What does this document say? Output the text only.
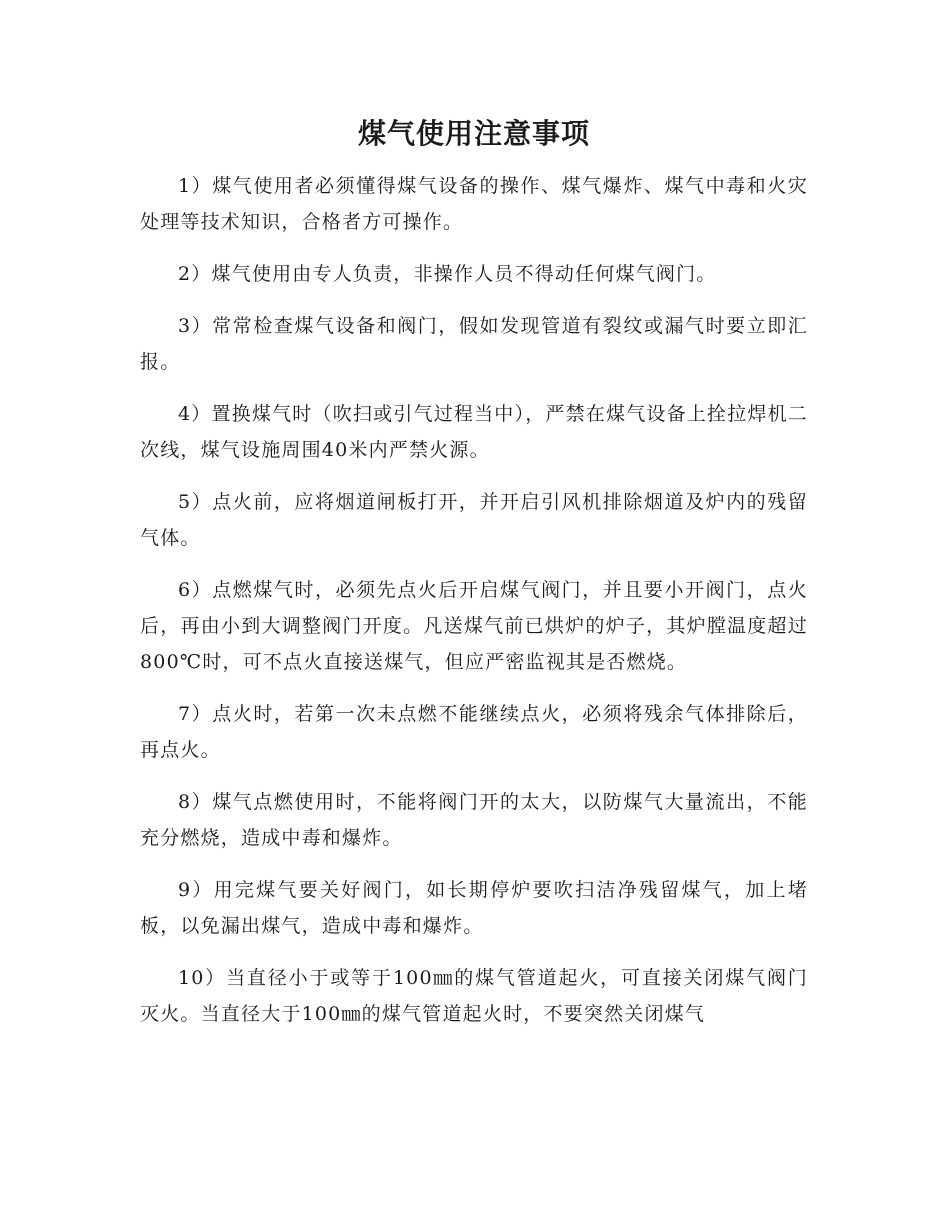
煤气使用注意事项

1）煤气使用者必须懂得煤气设备的操作、煤气爆炸、煤气中毒和火灾处理等技术知识，合格者方可操作。

2）煤气使用由专人负责，非操作人员不得动任何煤气阀门。

3）常常检查煤气设备和阀门，假如发现管道有裂纹或漏气时要立即汇报。

4）置换煤气时（吹扫或引气过程当中），严禁在煤气设备上拴拉焊机二次线，煤气设施周围40米内严禁火源。

5）点火前，应将烟道闸板打开，并开启引风机排除烟道及炉内的残留气体。

6）点燃煤气时，必须先点火后开启煤气阀门，并且要小开阀门，点火后，再由小到大调整阀门开度。凡送煤气前已烘炉的炉子，其炉膛温度超过800℃时，可不点火直接送煤气，但应严密监视其是否燃烧。

7）点火时，若第一次未点燃不能继续点火，必须将残余气体排除后，再点火。

8）煤气点燃使用时，不能将阀门开的太大，以防煤气大量流出，不能充分燃烧，造成中毒和爆炸。

9）用完煤气要关好阀门，如长期停炉要吹扫洁净残留煤气，加上堵板，以免漏出煤气，造成中毒和爆炸。

10）当直径小于或等于100㎜的煤气管道起火，可直接关闭煤气阀门灭火。当直径大于100㎜的煤气管道起火时，不要突然关闭煤气
